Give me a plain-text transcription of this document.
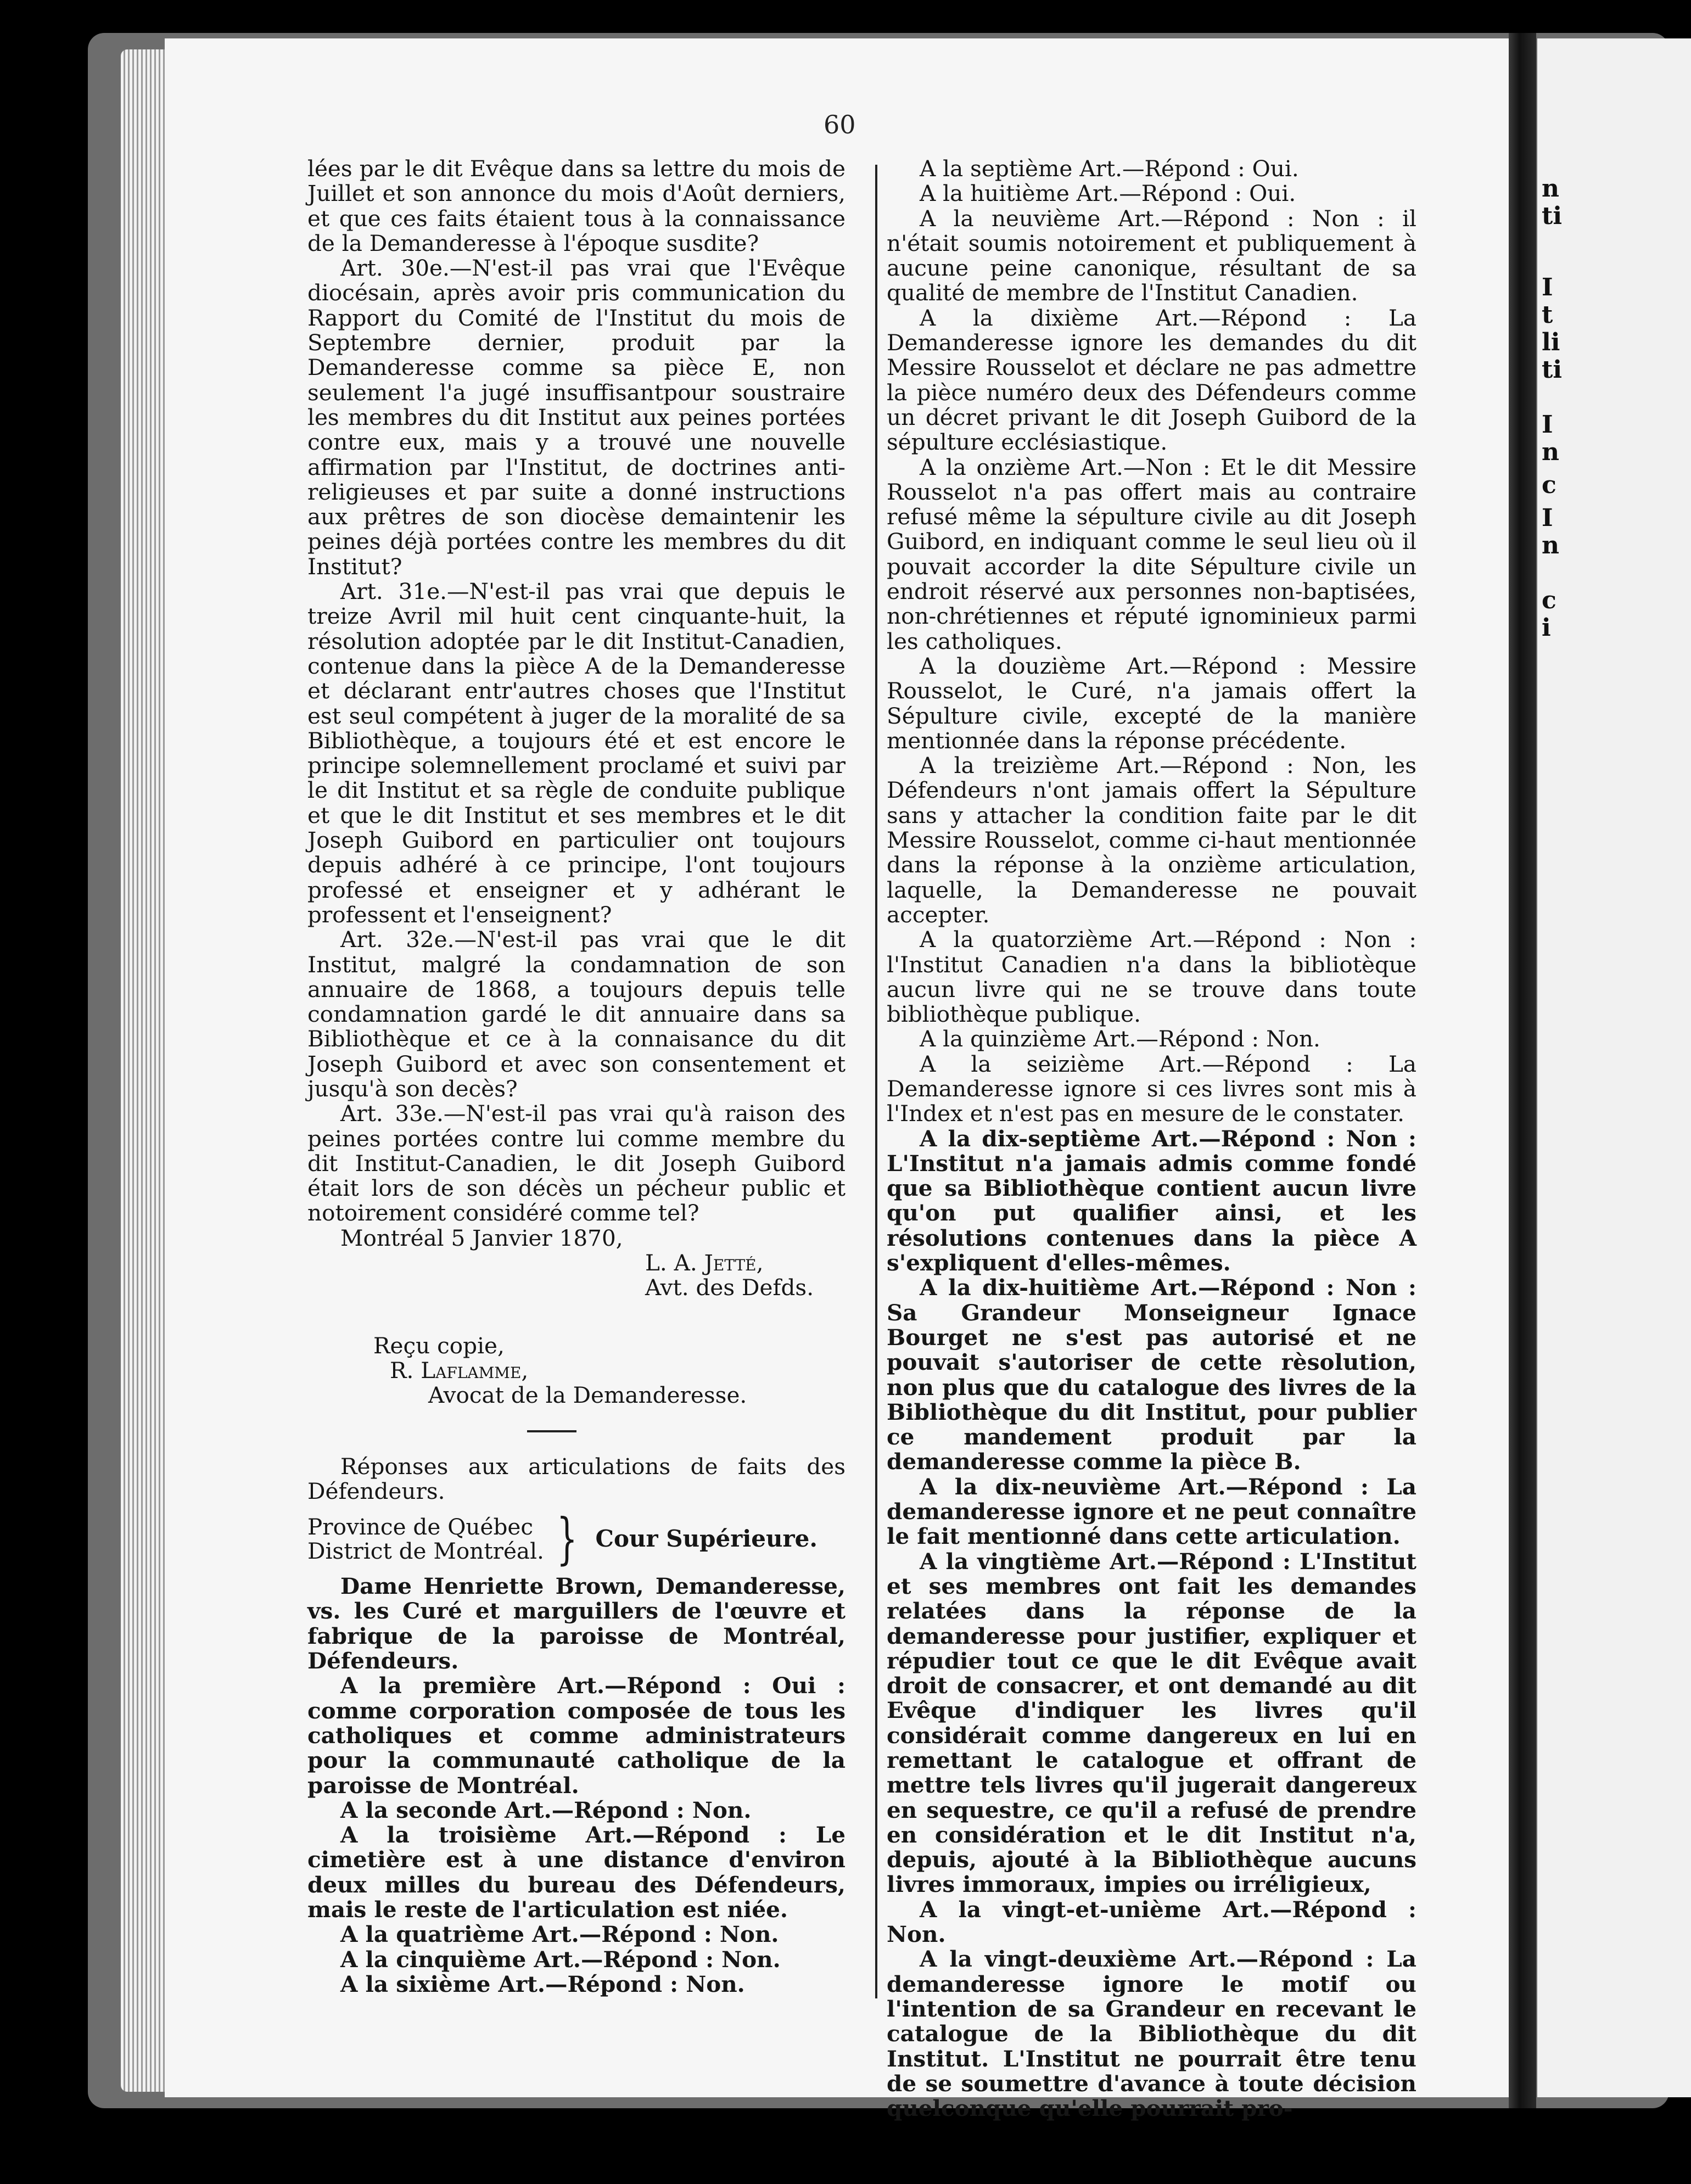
n
ti
I
t
li
ti
I
n
c
I
n
c
i
60

lées par le dit Evêque dans sa lettre du mois de Juillet et son annonce du mois d'Août derniers, et que ces faits étaient tous à la connaissance de la Demanderesse à l'époque susdite?

Art. 30e.—N'est-il pas vrai que l'Evêque diocésain, après avoir pris communication du Rapport du Comité de l'Institut du mois de Septembre dernier, produit par la Demanderesse comme sa pièce E, non seulement l'a jugé insuffisantpour soustraire les membres du dit Institut aux peines portées contre eux, mais y a trouvé une nouvelle affirmation par l'Institut, de doctrines anti-religieuses et par suite a donné instructions aux prêtres de son diocèse demaintenir les peines déjà portées contre les membres du dit Institut?

Art. 31e.—N'est-il pas vrai que depuis le treize Avril mil huit cent cinquante-huit, la résolution adoptée par le dit Institut-Canadien, contenue dans la pièce A de la Demanderesse et déclarant entr'autres choses que l'Institut est seul compétent à juger de la moralité de sa Bibliothèque, a toujours été et est encore le principe solemnellement proclamé et suivi par le dit Institut et sa règle de conduite publique et que le dit Institut et ses membres et le dit Joseph Guibord en particulier ont toujours depuis adhéré à ce principe, l'ont toujours professé et enseigner et y adhérant le professent et l'enseignent?

Art. 32e.—N'est-il pas vrai que le dit Institut, malgré la condamnation de son annuaire de 1868, a toujours depuis telle condamnation gardé le dit annuaire dans sa Bibliothèque et ce à la connaisance du dit Joseph Guibord et avec son consentement et jusqu'à son decès?

Art. 33e.—N'est-il pas vrai qu'à raison des peines portées contre lui comme membre du dit Institut-Canadien, le dit Joseph Guibord était lors de son décès un pécheur public et notoirement considéré comme tel?

Montréal 5 Janvier 1870,
L. A. Jetté,
Avt. des Defds.
Reçu copie,
R. Laflamme,
Avocat de la Demanderesse.

Réponses aux articulations de faits des Défendeurs.

Province de Québec
District de Montréal. } Cour Supérieure.

Dame Henriette Brown, Demanderesse, vs. les Curé et marguillers de l'œuvre et fabrique de la paroisse de Montréal, Défendeurs.

A la première Art.—Répond : Oui : comme corporation composée de tous les catholiques et comme administrateurs pour la communauté catholique de la paroisse de Montréal.

A la seconde Art.—Répond : Non.

A la troisième Art.—Répond : Le cimetière est à une distance d'environ deux milles du bureau des Défendeurs, mais le reste de l'articulation est niée.

A la quatrième Art.—Répond : Non.

A la cinquième Art.—Répond : Non.

A la sixième Art.—Répond : Non.

A la septième Art.—Répond : Oui.

A la huitième Art.—Répond : Oui.

A la neuvième Art.—Répond : Non : il n'était soumis notoirement et publiquement à aucune peine canonique, résultant de sa qualité de membre de l'Institut Canadien.

A la dixième Art.—Répond : La Demanderesse ignore les demandes du dit Messire Rousselot et déclare ne pas admettre la pièce numéro deux des Défendeurs comme un décret privant le dit Joseph Guibord de la sépulture ecclésiastique.

A la onzième Art.—Non : Et le dit Messire Rousselot n'a pas offert mais au contraire refusé même la sépulture civile au dit Joseph Guibord, en indiquant comme le seul lieu où il pouvait accorder la dite Sépulture civile un endroit réservé aux personnes non-baptisées, non-chrétiennes et réputé ignominieux parmi les catholiques.

A la douzième Art.—Répond : Messire Rousselot, le Curé, n'a jamais offert la Sépulture civile, excepté de la manière mentionnée dans la réponse précédente.

A la treizième Art.—Répond : Non, les Défendeurs n'ont jamais offert la Sépulture sans y attacher la condition faite par le dit Messire Rousselot, comme ci-haut mentionnée dans la réponse à la onzième articulation, laquelle, la Demanderesse ne pouvait accepter.

A la quatorzième Art.—Répond : Non : l'Institut Canadien n'a dans la bibliotèque aucun livre qui ne se trouve dans toute bibliothèque publique.

A la quinzième Art.—Répond : Non.

A la seizième Art.—Répond : La Demanderesse ignore si ces livres sont mis à l'Index et n'est pas en mesure de le constater.

A la dix-septième Art.—Répond : Non : L'Institut n'a jamais admis comme fondé que sa Bibliothèque contient aucun livre qu'on put qualifier ainsi, et les résolutions contenues dans la pièce A s'expliquent d'elles-mêmes.

A la dix-huitième Art.—Répond : Non : Sa Grandeur Monseigneur Ignace Bourget ne s'est pas autorisé et ne pouvait s'autoriser de cette rèsolution, non plus que du catalogue des livres de la Bibliothèque du dit Institut, pour publier ce mandement produit par la demanderesse comme la pièce B.

A la dix-neuvième Art.—Répond : La demanderesse ignore et ne peut connaître le fait mentionné dans cette articulation.

A la vingtième Art.—Répond : L'Institut et ses membres ont fait les demandes relatées dans la réponse de la demanderesse pour justifier, expliquer et répudier tout ce que le dit Evêque avait droit de consacrer, et ont demandé au dit Evêque d'indiquer les livres qu'il considérait comme dangereux en lui en remettant le catalogue et offrant de mettre tels livres qu'il jugerait dangereux en sequestre, ce qu'il a refusé de prendre en considération et le dit Institut n'a, depuis, ajouté à la Bibliothèque aucuns livres immoraux, impies ou irréligieux,

A la vingt-et-unième Art.—Répond : Non.

A la vingt-deuxième Art.—Répond : La demanderesse ignore le motif ou l'intention de sa Grandeur en recevant le catalogue de la Bibliothèque du dit Institut. L'Institut ne pourrait être tenu de se soumettre d'avance à toute décision quelconque qu'elle pourrait pro-
